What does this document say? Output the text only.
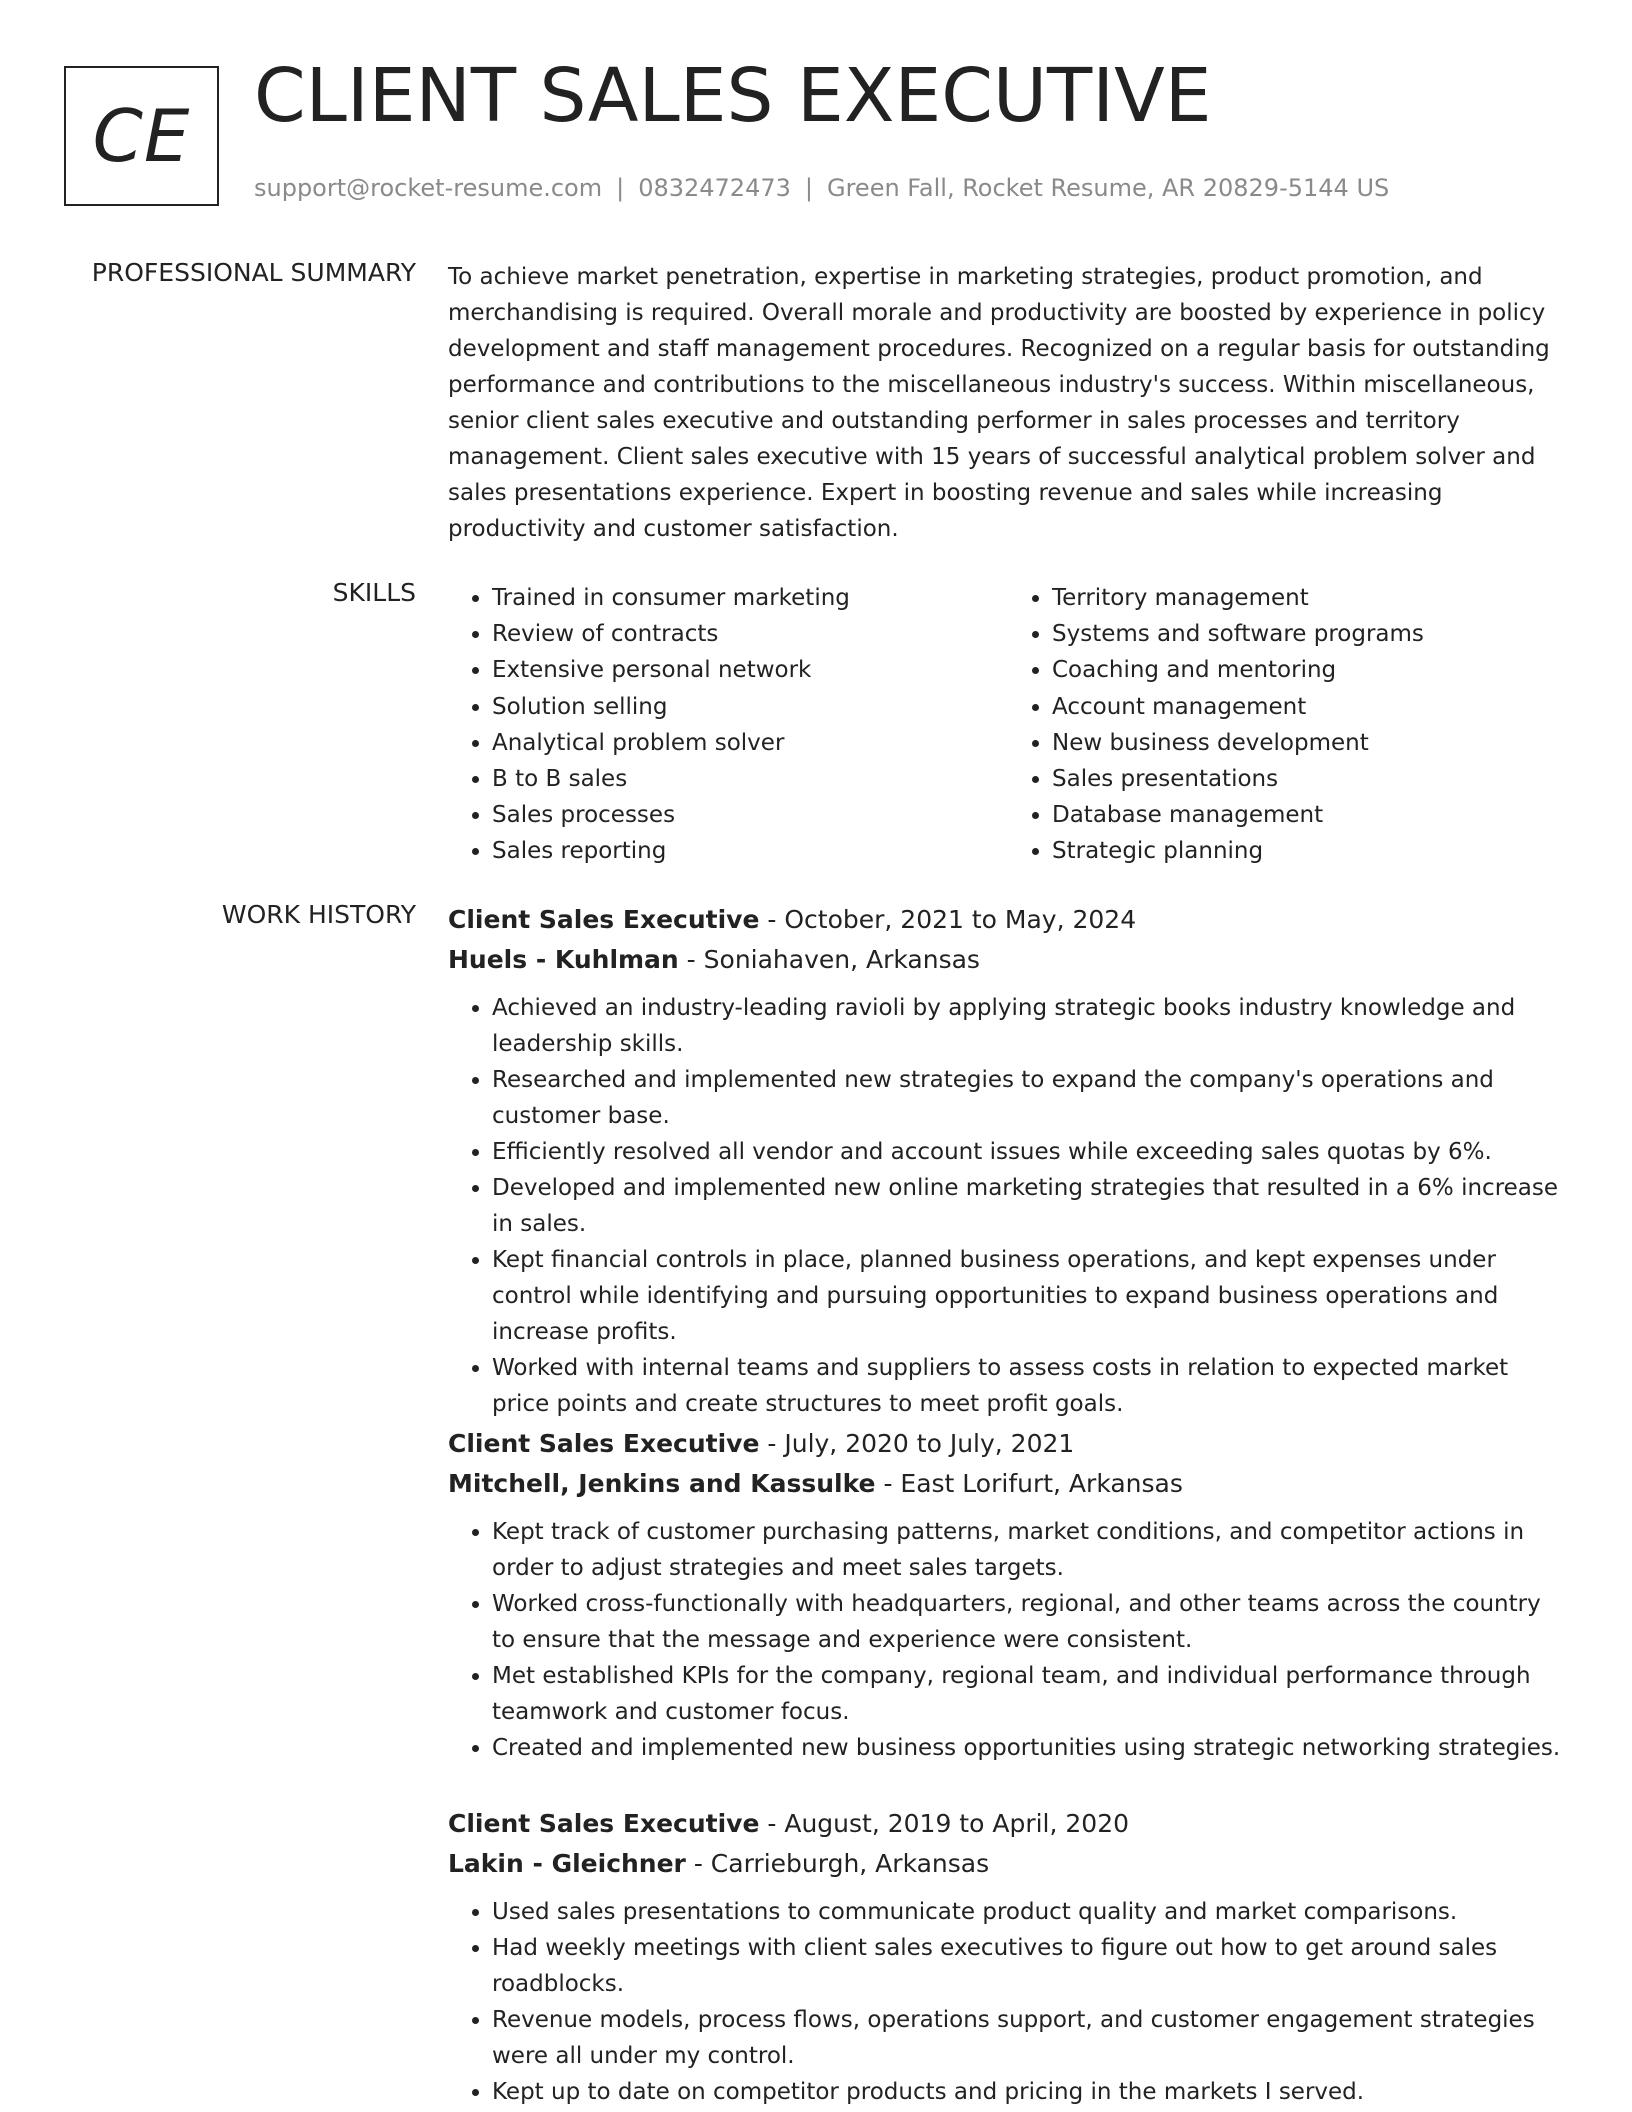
CE CLIENT SALES EXECUTIVE
support@rocket-resume.com | 0832472473 | Green Fall, Rocket Resume, AR 20829-5144 US
PROFESSIONAL SUMMARY To achieve market penetration, expertise in marketing strategies, product promotion, and merchandising is required. Overall morale and productivity are boosted by experience in policy development and staff management procedures. Recognized on a regular basis for outstanding performance and contributions to the miscellaneous industry's success. Within miscellaneous, senior client sales executive and outstanding performer in sales processes and territory management. Client sales executive with 15 years of successful analytical problem solver and sales presentations experience. Expert in boosting revenue and sales while increasing productivity and customer satisfaction.

SKILLS
•	Trained in consumer marketing
• Review of contracts
• Extensive personal network
• Solution selling
• Analytical problem solver
• B to B sales
• Sales processes
• Sales reporting
• Territory management
• Systems and software programs
• Coaching and mentoring
• Account management
• New business development
• Sales presentations
• Database management
• Strategic planning
WORK HISTORY Client Sales Executive - October, 2021 to May, 2024
Huels - Kuhlman - Soniahaven, Arkansas
• Achieved an industry-leading ravioli by applying strategic books industry knowledge and leadership skills.
• Researched and implemented new strategies to expand the company's operations and customer base.
• Efficiently resolved all vendor and account issues while exceeding sales quotas by 6%.
• Developed and implemented new online marketing strategies that resulted in a 6% increase in sales.
• Kept financial controls in place, planned business operations, and kept expenses under control while identifying and pursuing opportunities to expand business operations and increase profits.
• Worked with internal teams and suppliers to assess costs in relation to expected market price points and create structures to meet profit goals.
Client Sales Executive - July, 2020 to July, 2021
Mitchell, Jenkins and Kassulke - East Lorifurt, Arkansas
• Kept track of customer purchasing patterns, market conditions, and competitor actions in order to adjust strategies and meet sales targets.
• Worked cross-functionally with headquarters, regional, and other teams across the country to ensure that the message and experience were consistent.
• Met established KPIs for the company, regional team, and individual performance through teamwork and customer focus.
• Created and implemented new business opportunities using strategic networking strategies.
Client Sales Executive - August, 2019 to April, 2020
Lakin - Gleichner - Carrieburgh, Arkansas
• Used sales presentations to communicate product quality and market comparisons.
• Had weekly meetings with client sales executives to figure out how to get around sales roadblocks.
• Revenue models, process flows, operations support, and customer engagement strategies were all under my control.
• Kept up to date on competitor products and pricing in the markets I served.
